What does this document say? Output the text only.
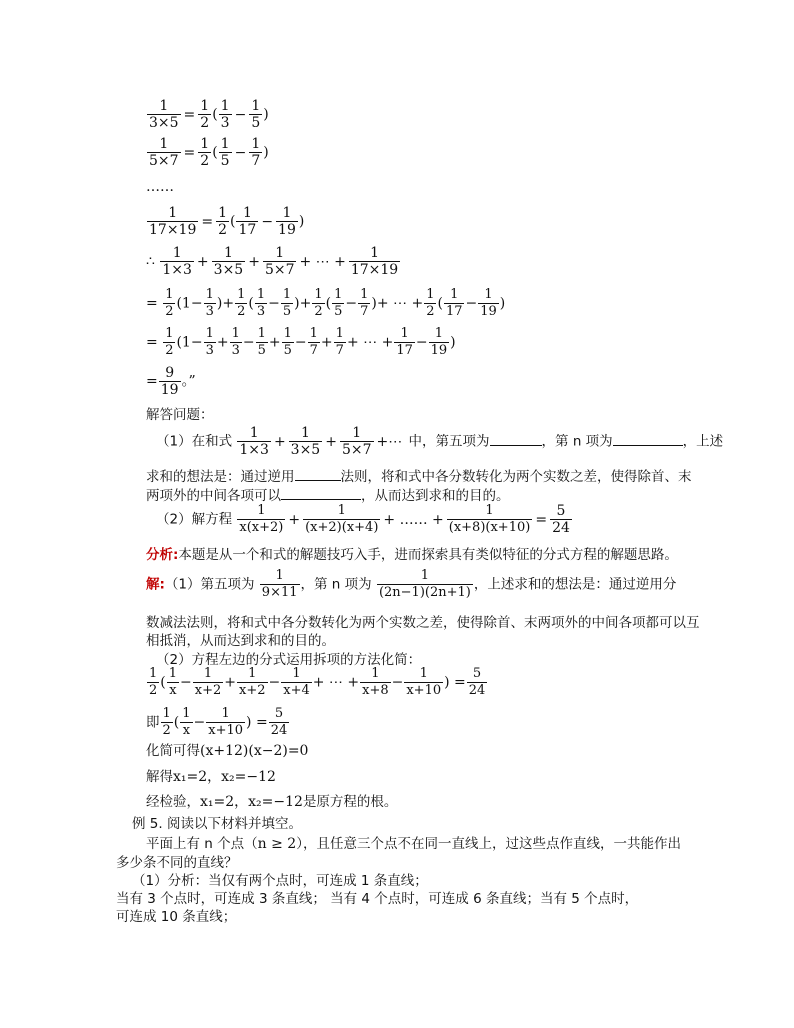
$\frac{1}{3\times 5} = \frac{1}{2}$ ( $\frac{1}{3} - \frac{1}{5}$ )
$\frac{1}{5\times 7} = \frac{1}{2}$ ( $\frac{1}{5} - \frac{1}{7}$ )
……
$\frac{1}{17\times 19} = \frac{1}{2}$ ( $\frac{1}{17} - \frac{1}{19}$ )
∴ $\frac{1}{1\times 3} + \frac{1}{3\times 5} + \frac{1}{5\times 7}$ + ⋯ + $\frac{1}{17\times 19}$
= $\frac{1}{2} (1- \frac{1}{3}$ )+ $\frac{1}{2}$ ( $\frac{1}{3} - \frac{1}{5}$ )+ $\frac{1}{2}$ ( $\frac{1}{5} - \frac{1}{7}$ )+ ⋯ + $\frac{1}{2}$ ( $\frac{1}{17} - \frac{1}{19}$ )
= $\frac{1}{2} (1- \frac{1}{3} + \frac{1}{3} - \frac{1}{5} + \frac{1}{5} - \frac{1}{7} + \frac{1}{7}$ + ⋯ + $\frac{1}{17} - \frac{1}{19}$ )
= $\frac{9}{19}$ 。”
解答问题：
（1）在和式 $\frac{1}{1\times 3} + \frac{1}{3\times 5} + \frac{1}{5\times 7}$ +⋯ 中，第五项为	，第 n 项为	，上述
求和的想法是：通过逆用	法则，将和式中各分数转化为两个实数之差，使得除首、末
两项外的中间各项可以	，从而达到求和的目的。
（2）解方程 $\frac{1}{x(x+2)} + \frac{1}{(x+2)(x+4)}$ + …… + $\frac{1}{(x+8)(x+10)} = \frac{5}{24}$
分析:本题是从一个和式的解题技巧入手，进而探索具有类似特征的分式方程的解题思路。
解:（1）第五项为 $\frac{1}{9\times 11}$ ，第 n 项为 $\frac{1}{(2n-1)(2n+1)}$ ，上述求和的想法是：通过逆用分
数减法法则，将和式中各分数转化为两个实数之差，使得除首、末两项外的中间各项都可以互
相抵消，从而达到求和的目的。
（2）方程左边的分式运用拆项的方法化简：
$\frac{1}{2}$ ( $\frac{1}{x} - \frac{1}{x+2} + \frac{1}{x+2} - \frac{1}{x+4}$ + ⋯ + $\frac{1}{x+8} - \frac{1}{x+10}$ ) = $\frac{5}{24}$
即 $\frac{1}{2}$ ( $\frac{1}{x} - \frac{1}{x+10}$ ) = $\frac{5}{24}$
化简可得(x+12)(x−2)=0
解得x₁=2，x₂=−12
经检验，x₁=2，x₂=−12是原方程的根。
例 5. 阅读以下材料并填空。
平面上有 n 个点（n ≥ 2），且任意三个点不在同一直线上，过这些点作直线，一共能作出
多少条不同的直线？
（1）分析：当仅有两个点时，可连成 1 条直线；
当有 3 个点时，可连成 3 条直线； 当有 4 个点时，可连成 6 条直线；当有 5 个点时，
可连成 10 条直线；
